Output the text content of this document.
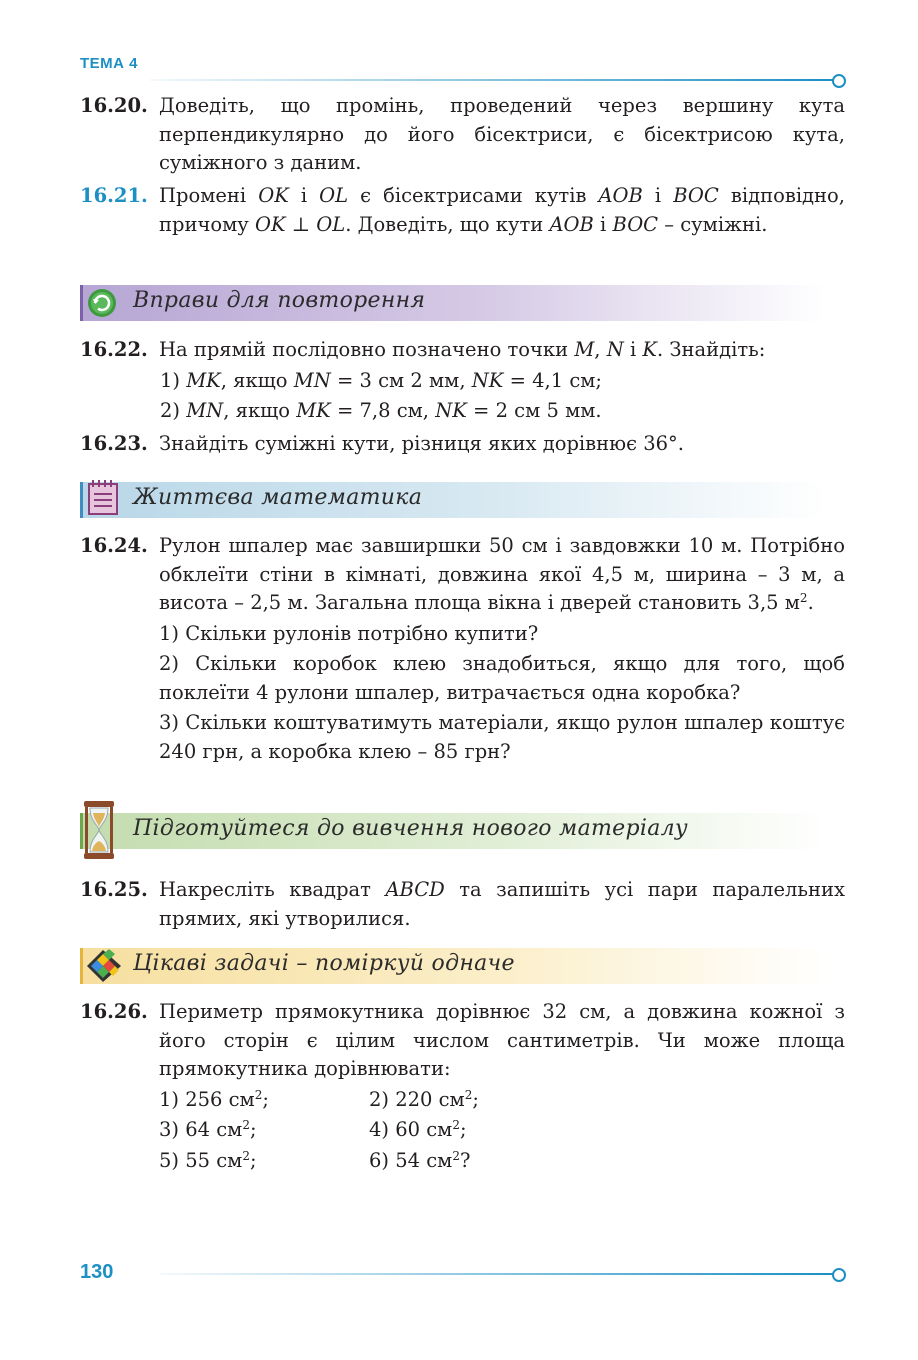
ТЕМА 4
16.20. Доведіть, що промінь, проведений через вершину кута перпендикулярно до його бісектриси, є бісектрисою кута, суміжного з даним.
16.21. Промені OK і OL є бісектрисами кутів AOB і BOC відповідно, причому OK ⊥ OL. Доведіть, що кути AOB і BOC – суміжні.
Вправи для повторення
16.22. На прямій послідовно позначено точки M, N і K. Знайдіть:
1) MK, якщо MN = 3 см 2 мм, NK = 4,1 см;
2) MN, якщо MK = 7,8 см, NK = 2 см 5 мм.
16.23. Знайдіть суміжні кути, різниця яких дорівнює 36°.
Життєва математика
16.24. Рулон шпалер має завширшки 50 см і завдовжки 10 м. Потрібно обклеїти стіни в кімнаті, довжина якої 4,5 м, ширина – 3 м, а висота – 2,5 м. Загальна площа вікна і дверей становить 3,5 $м^2$.
1) Скільки рулонів потрібно купити?
2) Скільки коробок клею знадобиться, якщо для того, щоб поклеїти 4 рулони шпалер, витрачається одна коробка?
3) Скільки коштуватимуть матеріали, якщо рулон шпалер коштує 240 грн, а коробка клею – 85 грн?
Підготуйтеся до вивчення нового матеріалу
16.25. Накресліть квадрат ABCD та запишіть усі пари паралельних прямих, які утворилися.
Цікаві задачі – поміркуй одначе
16.26. Периметр прямокутника дорівнює 32 см, а довжина кожної з його сторін є цілим числом сантиметрів. Чи може площа прямокутника дорівнювати:
1) 256 $см^2$;	2) 220 $см^2$;
3) 64 $см^2$;	4) 60 $см^2$;
5) 55 $см^2$;	6) 54 $см^2$?
130
